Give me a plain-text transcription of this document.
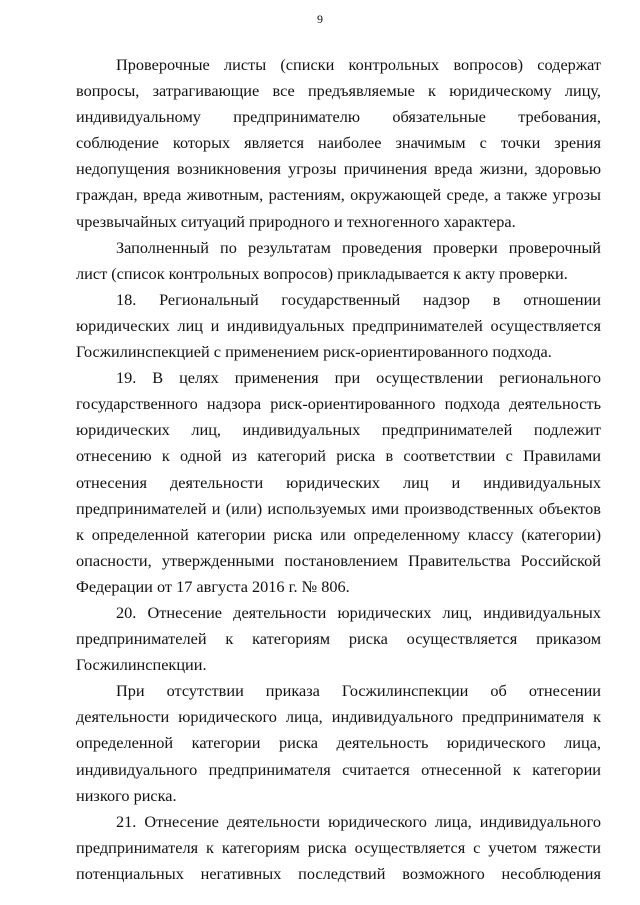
9

Проверочные листы (списки контрольных вопросов) содержат вопросы, затрагивающие все предъявляемые к юридическому лицу, индивидуальному предпринимателю обязательные требования, соблюдение которых является наиболее значимым с точки зрения недопущения возникновения угрозы причинения вреда жизни, здоровью граждан, вреда животным, растениям, окружающей среде, а также угрозы чрезвычайных ситуаций природного и техногенного характера.

Заполненный по результатам проведения проверки проверочный лист (список контрольных вопросов) прикладывается к акту проверки.

18. Региональный государственный надзор в отношении юридических лиц и индивидуальных предпринимателей осуществляется Госжилинспекцией с применением риск-ориентированного подхода.

19. В целях применения при осуществлении регионального государственного надзора риск-ориентированного подхода деятельность юридических лиц, индивидуальных предпринимателей подлежит отнесению к одной из категорий риска в соответствии с Правилами отнесения деятельности юридических лиц и индивидуальных предпринимателей и (или) используемых ими производственных объектов к определенной категории риска или определенному классу (категории) опасности, утвержденными постановлением Правительства Российской Федерации от 17 августа 2016 г. № 806.

20. Отнесение деятельности юридических лиц, индивидуальных предпринимателей к категориям риска осуществляется приказом Госжилинспекции.

При отсутствии приказа Госжилинспекции об отнесении деятельности юридического лица, индивидуального предпринимателя к определенной категории риска деятельность юридического лица, индивидуального предпринимателя считается отнесенной к категории низкого риска.

21. Отнесение деятельности юридического лица, индивидуального предпринимателя к категориям риска осуществляется с учетом тяжести потенциальных негативных последствий возможного несоблюдения
